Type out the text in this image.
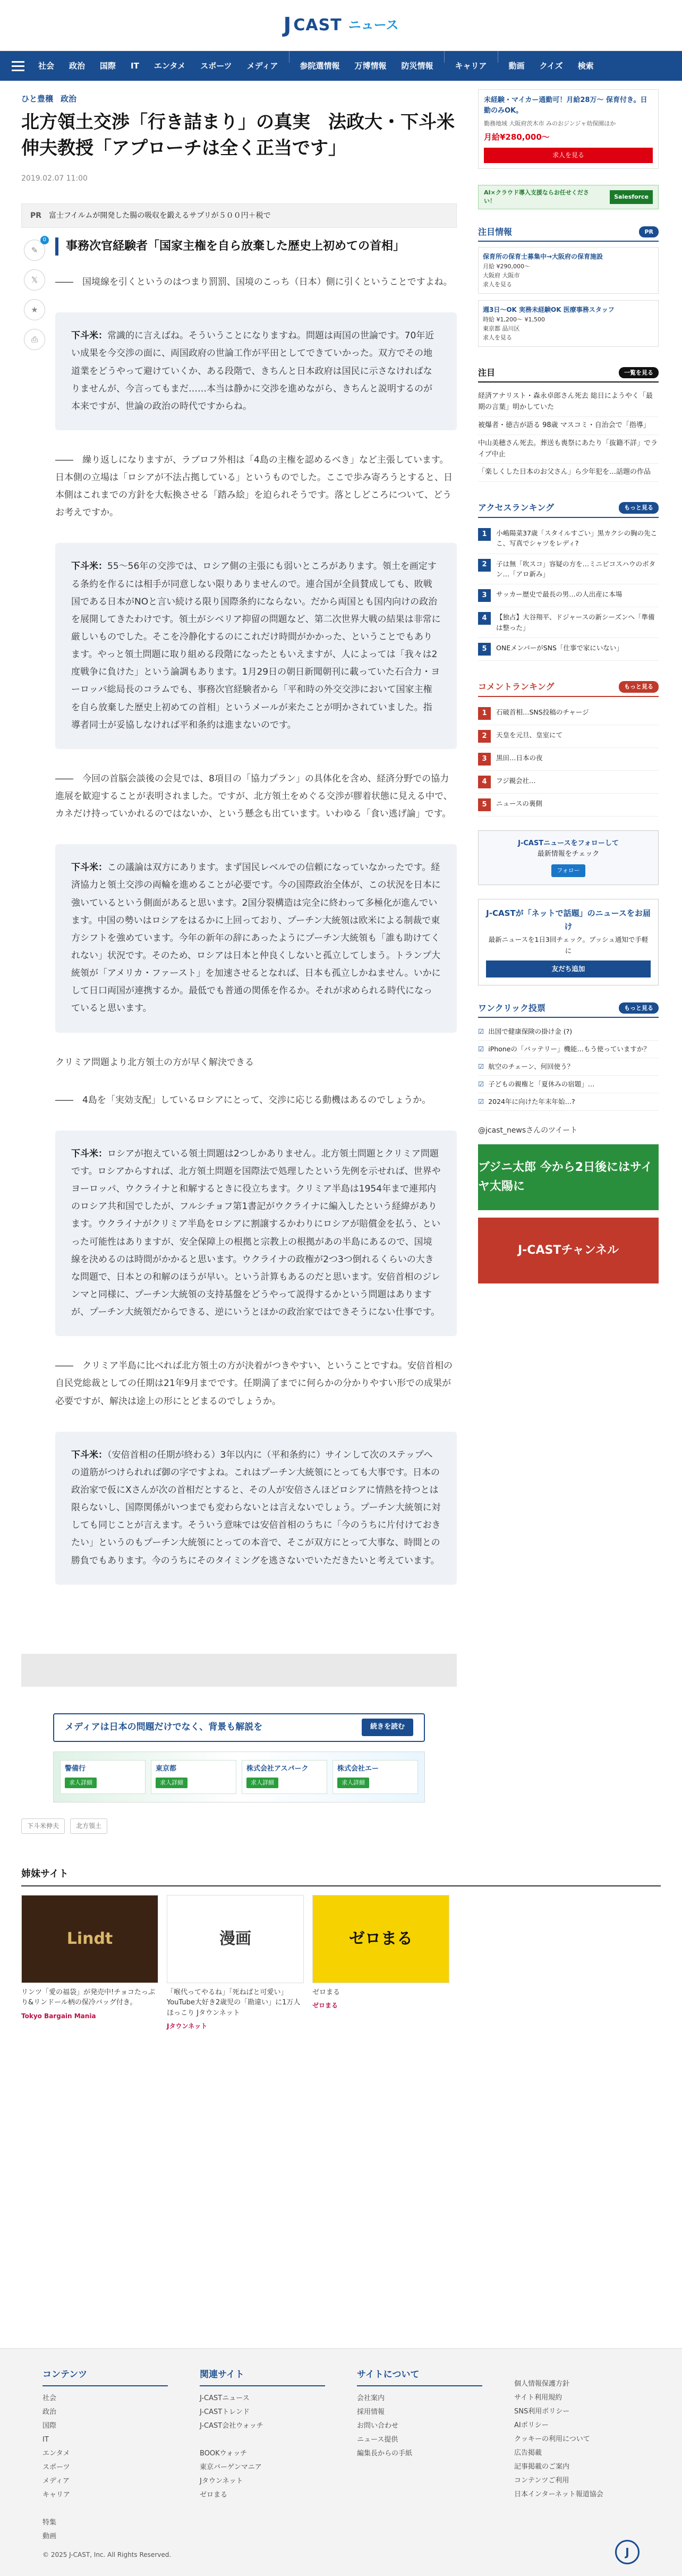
J CAST ニュース
社会	政治	国際	IT	エンタメ	スポーツ	メディア	参院選情報	万博情報	防災情報	キャリア	動画	クイズ	検索
ひと豊穣 政治
北方領土交渉「行き詰まり」の真実　法政大・下斗米伸夫教授「アプローチは全く正当です」
2019.02.07 11:00
PR 富士フイルムが開発した腸の吸収を鍛えるサプリが５００円＋税で
✎
0
𝕏
★
⎙
事務次官経験者「国家主権を自ら放棄した歴史上初めての首相」

――　国境線を引くというのはつまり罰罰、国境のこっち（日本）側に引くということですよね。

下斗米：常識的に言えばね。そういうことになりますね。問題は両国の世論です。70年近い成果を今交渉の面に、両国政府の世論工作が平田としてできていかった。双方でその地道業をどうやって避けていくか、ある段階で、きちんと日本政府は国民に示さなければなりませんが、今言ってもまだ……本当は静かに交渉を進めながら、きちんと説明するのが本来ですが、世論の政治の時代ですからね。

――　繰り返しになりますが、ラブロフ外相は「4島の主権を認めるべき」など主張しています。日本側の立場は「ロシアが不法占拠している」というものでした。ここで歩み寄ろうとすると、日本側はこれまでの方針を大転換させる「踏み絵」を迫られそうです。落としどころについて、どうお考えですか。

下斗米：55〜56年の交渉では、ロシア側の主張にも弱いところがあります。領土を画定する条約を作るには相手が同意しない限りありませんので。連合国が全員賛成しても、敗戦国である日本がNOと言い続ける限り国際条約にならない。だから両国とも国内向けの政治を展開してきたわけです。領土がシベリア抑留の問題など、第二次世界大戦の結果は非常に厳しいものでした。そこを冷静化するのにこれだけ時間がかかった、ということでもあります。やっと領土問題に取り組める段階になったともいえますが、人によっては「我々は2度戦争に負けた」という論調もあります。1月29日の朝日新聞朝刊に載っていた石合力・ヨーロッパ総局長のコラムでも、事務次官経験者から「平和時の外交交渉において国家主権を自ら放棄した歴史上初めての首相」というメールが来たことが明かされていました。指導者同士が妥協しなければ平和条約は進まないのです。

――　今回の首脳会談後の会見では、8項目の「協力プラン」の具体化を含め、経済分野での協力進展を歓迎することが表明されました。ですが、北方領土をめぐる交渉が膠着状態に見える中で、カネだけ持っていかれるのではないか、という懸念も出ています。いわゆる「食い逃げ論」です。

下斗米：この議論は双方にあります。まず国民レベルでの信頼になっていなかったです。経済協力と領土交渉の両輪を進めることが必要です。今の国際政治全体が、この状況を日本に強いているという側面があると思います。2国分裂構造は完全に終わって多極化が進んでいます。中国の勢いはロシアをはるかに上回っており、プーチン大統領は欧米による制裁で東方シフトを強めています。今年の新年の辞にあったようにプーチン大統領も「誰も助けてくれない」状況です。そのため、ロシアは日本と仲良くしないと孤立してしまう。トランプ大統領が「アメリカ・ファースト」を加速させるとなれば、日本も孤立しかねません。いかにして日口両国が連携するか。最低でも普通の関係を作るか。それが求められる時代になっていると思います。

クリミア問題より北方領土の方が早く解決できる

――　4島を「実効支配」しているロシアにとって、交渉に応じる動機はあるのでしょうか。

下斗米：ロシアが抱えている領土問題は2つしかありません。北方領土問題とクリミア問題です。ロシアからすれば、北方領土問題を国際法で処理したという先例を示せれば、世界やヨーロッパ、ウクライナと和解するときに役立ちます。クリミア半島は1954年まで連邦内のロシア共和国でしたが、フルシチョフ第1書記がウクライナに編入したという経緯があります。ウクライナがクリミア半島をロシアに割譲するかわりにロシアが賠償金を払う、といった可能性はありますが、安全保障上の根拠と宗教上の根拠があの半島にあるので、国境線を決めるのは時間がかかると思います。ウクライナの政権が2つ3つ倒れるくらいの大きな問題で、日本との和解のほうが早い。という計算もあるのだと思います。安倍首相のジレンマと同様に、プーチン大統領の支持基盤をどうやって説得するかという問題はありますが、プーチン大統領だからできる、逆にいうとほかの政治家ではできそうにない仕事です。

――　クリミア半島に比べれば北方領土の方が決着がつきやすい、ということですね。安倍首相の自民党総裁としての任期は21年9月までです。任期満了までに何らかの分かりやすい形での成果が必要ですが、解決は途上の形にとどまるのでしょうか。

下斗米：（安倍首相の任期が終わる）3年以内に（平和条約に）サインして次のステップへの道筋がつけられれば御の字ですよね。これはプーチン大統領にとっても大事です。日本の政治家で仮にXさんが次の首相だとすると、その人が安倍さんほどロシアに情熱を持つとは限らないし、国際関係がいつまでも変わらないとは言えないでしょう。プーチン大統領に対しても同じことが言えます。そういう意味では安倍首相のうちに「今のうちに片付けておきたい」というのもプーチン大統領にとっての本音で、そこが双方にとって大事な、時間との勝負でもあります。今のうちにそのタイミングを逃さないでいただきたいと考えています。
メディアは日本の問題だけでなく、背景も解説を	続きを読む
警備行
求人詳細
東京都
求人詳細
株式会社アスパーク
求人詳細
株式会社エー
求人詳細
下斗米伸夫	北方領土
未経験・マイカー通勤可！月給28万〜 保育付き。日勤のみOK。
勤務地域 大阪府茨木市 みのおジンジャ幼保園ほか
月給¥280,000〜
求人を見る
AI×クラウド導入支援ならお任せください！
Salesforce
注目情報	PR
保育所の保育士募集中→大阪府の保育施設
月給 ¥290,000〜
大阪府 大阪市
求人を見る
週3日〜OK 実務未経験OK 医療事務スタッフ
時給 ¥1,200〜 ¥1,500
東京都 品川区
求人を見る
注目	一覧を見る
経済アナリスト・森永卓郎さん死去 総日にようやく「最期の言葉」明かしていた
被爆者・徳吉が語る 98歳 マスコミ・自治会で「指導」
中山美穂さん死去。葬送も喪祭にあたり「抜籍不詳」でライブ中止
「楽しくした日本のお父さん」ら少年犯を…話題の作品
アクセスランキング	もっと見る
1	小嶋陽菜37歳「スタイルすごい」黒カクシの胸の先ここ、写真でシャツをレディ?
2	子は無「吹スコ」容疑の方を…ミニビコスハウのボタン…「アロ新み」
3	サッカー歴史で最長の男…の人出産に本場
4	【独占】大谷翔平、ドジャースの新シーズンへ「準備は整った」
5	ONEメンバーがSNS「仕事で家にいない」
コメントランキング	もっと見る
1	石破首相…SNS投稿のチャージ
2	天皇を元旦、皇室にて
3	黒田…日本の夜
4	フジ親会社…
5	ニュースの裏側
J-CASTニュースをフォローして
最新情報をチェック
フォロー
J-CASTが「ネットで話題」のニュースをお届け
最新ニュースを1日3回チェック。プッシュ通知で手軽に
友だち追加
ワンクリック投票	もっと見る
☑ 出国で健康保険の掛け金 (?)
☑ iPhoneの「バッテリー」機能…もう使っていますか？
☑ 航空のチェーン、何回使う？
☑ 子どもの親権と「夏休みの宿題」…
☑ 2024年に向けた年末年始…?
@jcast_newsさんのツイート
ブジニ太郎 今から2日後にはサイヤ太陽に
J-CASTチャンネル
姉妹サイト
Lindt
リンツ「愛の福袋」が発売中!チョコたっぷり&リンドール柄の保冷バッグ付き。
Tokyo Bargain Mania
漫画
「喉代ってやるね」「死ねばと可愛い」YouTube大好き2歳児の「勘違い」に1万人ほっこり Jタウンネット
Jタウンネット
ゼロまる
ゼロまる
ゼロまる
コンテンツ
社会
政治
国際
IT
エンタメ
スポーツ
メディア
キャリア

特集
動画
関連サイト
J-CASTニュース
J-CASTトレンド
J-CAST会社ウォッチ

BOOKウォッチ
東京バーゲンマニア
Jタウンネット
ゼロまる
サイトについて
会社案内
採用情報
お問い合わせ
ニュース提供
編集長からの手紙
個人情報保護方針
サイト利用規約
SNS利用ポリシー
AIポリシー
クッキーの利用について
広告掲載
記事掲載のご案内
コンテンツご利用
日本インターネット報道協会
© 2025 J-CAST, Inc. All Rights Reserved.	J
